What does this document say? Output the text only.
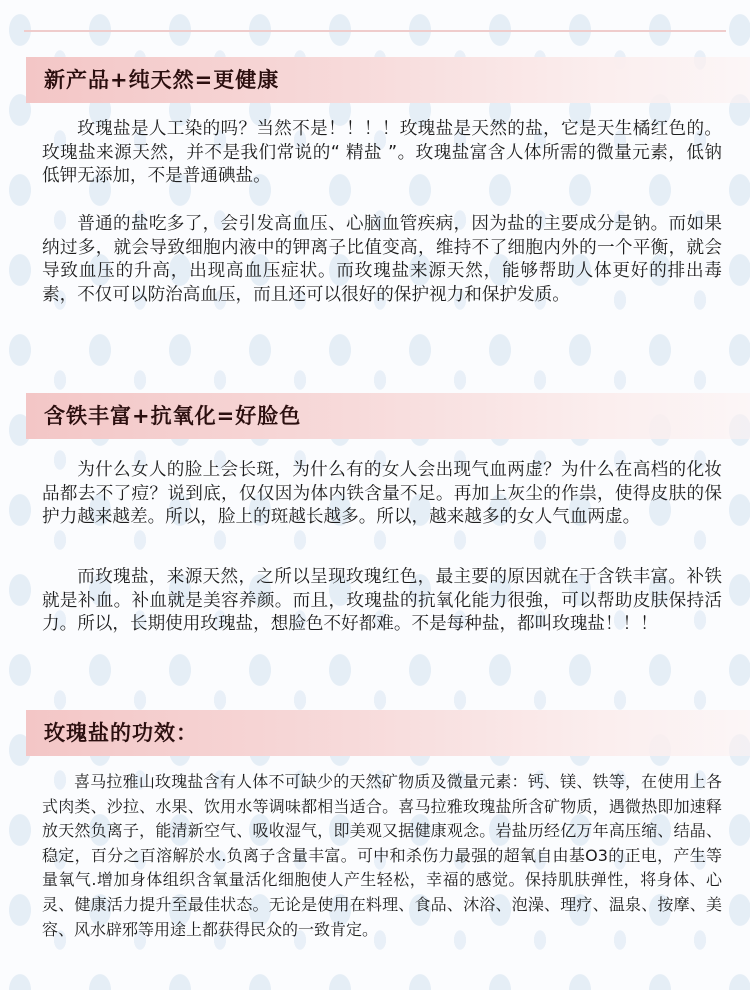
新产品+纯天然=更健康

玫瑰盐是人工染的吗？当然不是！！！！玫瑰盐是天然的盐，它是天生橘红色的。玫瑰盐来源天然，并不是我们常说的“ 精盐 ”。玫瑰盐富含人体所需的微量元素，低钠低钾无添加，不是普通碘盐。

普通的盐吃多了，会引发高血压、心脑血管疾病，因为盐的主要成分是钠。而如果纳过多，就会导致细胞内液中的钾离子比值变高，维持不了细胞内外的一个平衡，就会导致血压的升高，出现高血压症状。而玫瑰盐来源天然，能够帮助人体更好的排出毒素，不仅可以防治高血压，而且还可以很好的保护视力和保护发质。

含铁丰富+抗氧化=好脸色

为什么女人的脸上会长斑，为什么有的女人会出现气血两虚？为什么在高档的化妆品都去不了痘？说到底，仅仅因为体内铁含量不足。再加上灰尘的作祟，使得皮肤的保护力越来越差。所以，脸上的斑越长越多。所以，越来越多的女人气血两虚。

而玫瑰盐，来源天然，之所以呈现玫瑰红色，最主要的原因就在于含铁丰富。补铁就是补血。补血就是美容养颜。而且，玫瑰盐的抗氧化能力很強，可以帮助皮肤保持活力。所以，长期使用玫瑰盐，想脸色不好都难。不是每种盐，都叫玫瑰盐！！！

玫瑰盐的功效：

喜马拉雅山玫瑰盐含有人体不可缺少的天然矿物质及微量元素：钙、镁、铁等，在使用上各式肉类、沙拉、水果、饮用水等调味都相当适合。喜马拉雅玫瑰盐所含矿物质，遇微热即加速释放天然负离子，能清新空气、吸收湿气，即美观又据健康观念。岩盐历经亿万年高压缩、结晶、稳定，百分之百溶解於水.负离子含量丰富。可中和杀伤力最强的超氧自由基O3的正电，产生等量氧气.增加身体组织含氧量活化细胞使人产生轻松，幸福的感觉。保持肌肤弹性，将身体、心灵、健康活力提升至最佳状态。无论是使用在料理、食品、沐浴、泡澡、理疗、温泉、按摩、美容、风水辟邪等用途上都获得民众的一致肯定。
